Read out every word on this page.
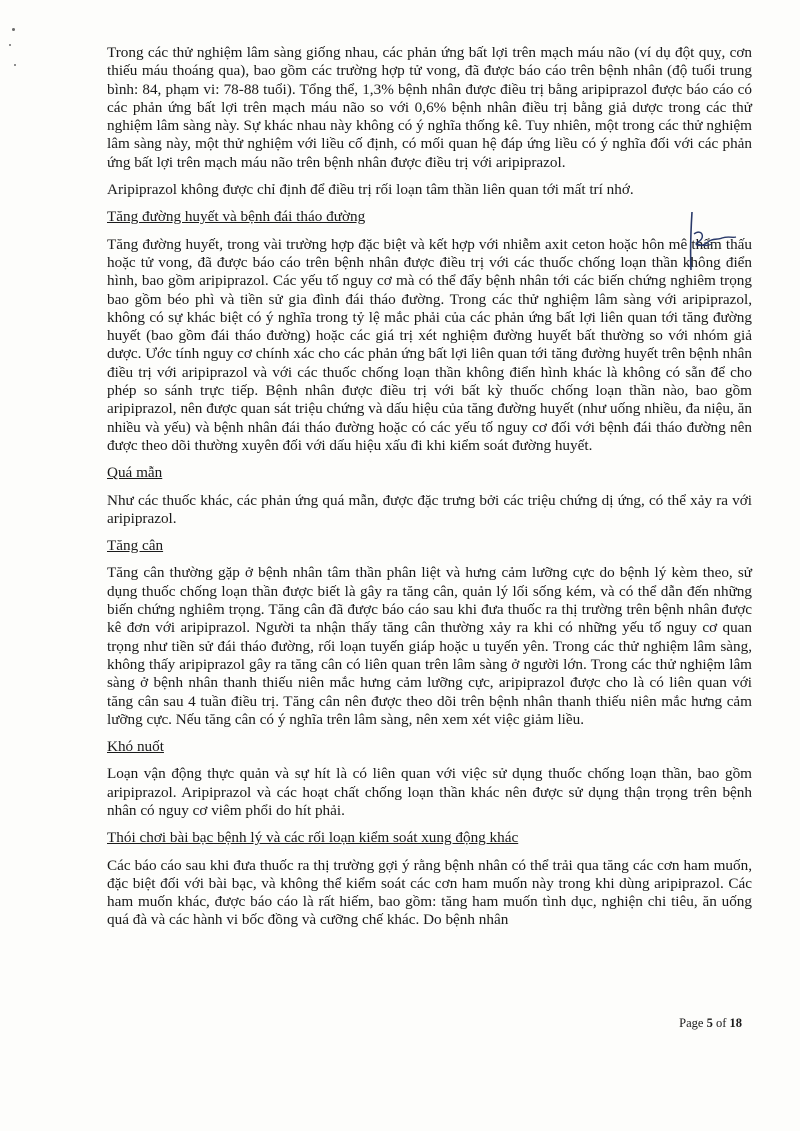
Trong các thử nghiệm lâm sàng giống nhau, các phản ứng bất lợi trên mạch máu não (ví dụ đột quỵ, cơn thiếu máu thoáng qua), bao gồm các trường hợp tử vong, đã được báo cáo trên bệnh nhân (độ tuổi trung bình: 84, phạm vi: 78-88 tuổi). Tổng thể, 1,3% bệnh nhân được điều trị bằng aripiprazol được báo cáo có các phản ứng bất lợi trên mạch máu não so với 0,6% bệnh nhân điều trị bằng giả dược trong các thử nghiệm lâm sàng này. Sự khác nhau này không có ý nghĩa thống kê. Tuy nhiên, một trong các thử nghiệm lâm sàng này, một thử nghiệm với liều cố định, có mối quan hệ đáp ứng liều có ý nghĩa đối với các phản ứng bất lợi trên mạch máu não trên bệnh nhân được điều trị với aripiprazol.

Aripiprazol không được chỉ định để điều trị rối loạn tâm thần liên quan tới mất trí nhớ.

Tăng đường huyết và bệnh đái tháo đường

Tăng đường huyết, trong vài trường hợp đặc biệt và kết hợp với nhiễm axit ceton hoặc hôn mê thẩm thấu hoặc tử vong, đã được báo cáo trên bệnh nhân được điều trị với các thuốc chống loạn thần không điển hình, bao gồm aripiprazol. Các yếu tố nguy cơ mà có thể đẩy bệnh nhân tới các biến chứng nghiêm trọng bao gồm béo phì và tiền sử gia đình đái tháo đường. Trong các thử nghiệm lâm sàng với aripiprazol, không có sự khác biệt có ý nghĩa trong tỷ lệ mắc phải của các phản ứng bất lợi liên quan tới tăng đường huyết (bao gồm đái tháo đường) hoặc các giá trị xét nghiệm đường huyết bất thường so với nhóm giả dược. Ước tính nguy cơ chính xác cho các phản ứng bất lợi liên quan tới tăng đường huyết trên bệnh nhân điều trị với aripiprazol và với các thuốc chống loạn thần không điển hình khác là không có sẵn để cho phép so sánh trực tiếp. Bệnh nhân được điều trị với bất kỳ thuốc chống loạn thần nào, bao gồm aripiprazol, nên được quan sát triệu chứng và dấu hiệu của tăng đường huyết (như uống nhiều, đa niệu, ăn nhiều và yếu) và bệnh nhân đái tháo đường hoặc có các yếu tố nguy cơ đối với bệnh đái tháo đường nên được theo dõi thường xuyên đối với dấu hiệu xấu đi khi kiểm soát đường huyết.

Quá mẫn

Như các thuốc khác, các phản ứng quá mẫn, được đặc trưng bởi các triệu chứng dị ứng, có thể xảy ra với aripiprazol.

Tăng cân

Tăng cân thường gặp ở bệnh nhân tâm thần phân liệt và hưng cảm lưỡng cực do bệnh lý kèm theo, sử dụng thuốc chống loạn thần được biết là gây ra tăng cân, quản lý lối sống kém, và có thể dẫn đến những biến chứng nghiêm trọng. Tăng cân đã được báo cáo sau khi đưa thuốc ra thị trường trên bệnh nhân được kê đơn với aripiprazol. Người ta nhận thấy tăng cân thường xảy ra khi có những yếu tố nguy cơ quan trọng như tiền sử đái tháo đường, rối loạn tuyến giáp hoặc u tuyến yên. Trong các thử nghiệm lâm sàng, không thấy aripiprazol gây ra tăng cân có liên quan trên lâm sàng ở người lớn. Trong các thử nghiệm lâm sàng ở bệnh nhân thanh thiếu niên mắc hưng cảm lưỡng cực, aripiprazol được cho là có liên quan với tăng cân sau 4 tuần điều trị. Tăng cân nên được theo dõi trên bệnh nhân thanh thiếu niên mắc hưng cảm lưỡng cực. Nếu tăng cân có ý nghĩa trên lâm sàng, nên xem xét việc giảm liều.

Khó nuốt

Loạn vận động thực quản và sự hít là có liên quan với việc sử dụng thuốc chống loạn thần, bao gồm aripiprazol. Aripiprazol và các hoạt chất chống loạn thần khác nên được sử dụng thận trọng trên bệnh nhân có nguy cơ viêm phổi do hít phải.

Thói chơi bài bạc bệnh lý và các rối loạn kiểm soát xung động khác

Các báo cáo sau khi đưa thuốc ra thị trường gợi ý rằng bệnh nhân có thể trải qua tăng các cơn ham muốn, đặc biệt đối với bài bạc, và không thể kiểm soát các cơn ham muốn này trong khi dùng aripiprazol. Các ham muốn khác, được báo cáo là rất hiếm, bao gồm: tăng ham muốn tình dục, nghiện chi tiêu, ăn uống quá đà và các hành vi bốc đồng và cưỡng chế khác. Do bệnh nhân

Page 5 of 18
